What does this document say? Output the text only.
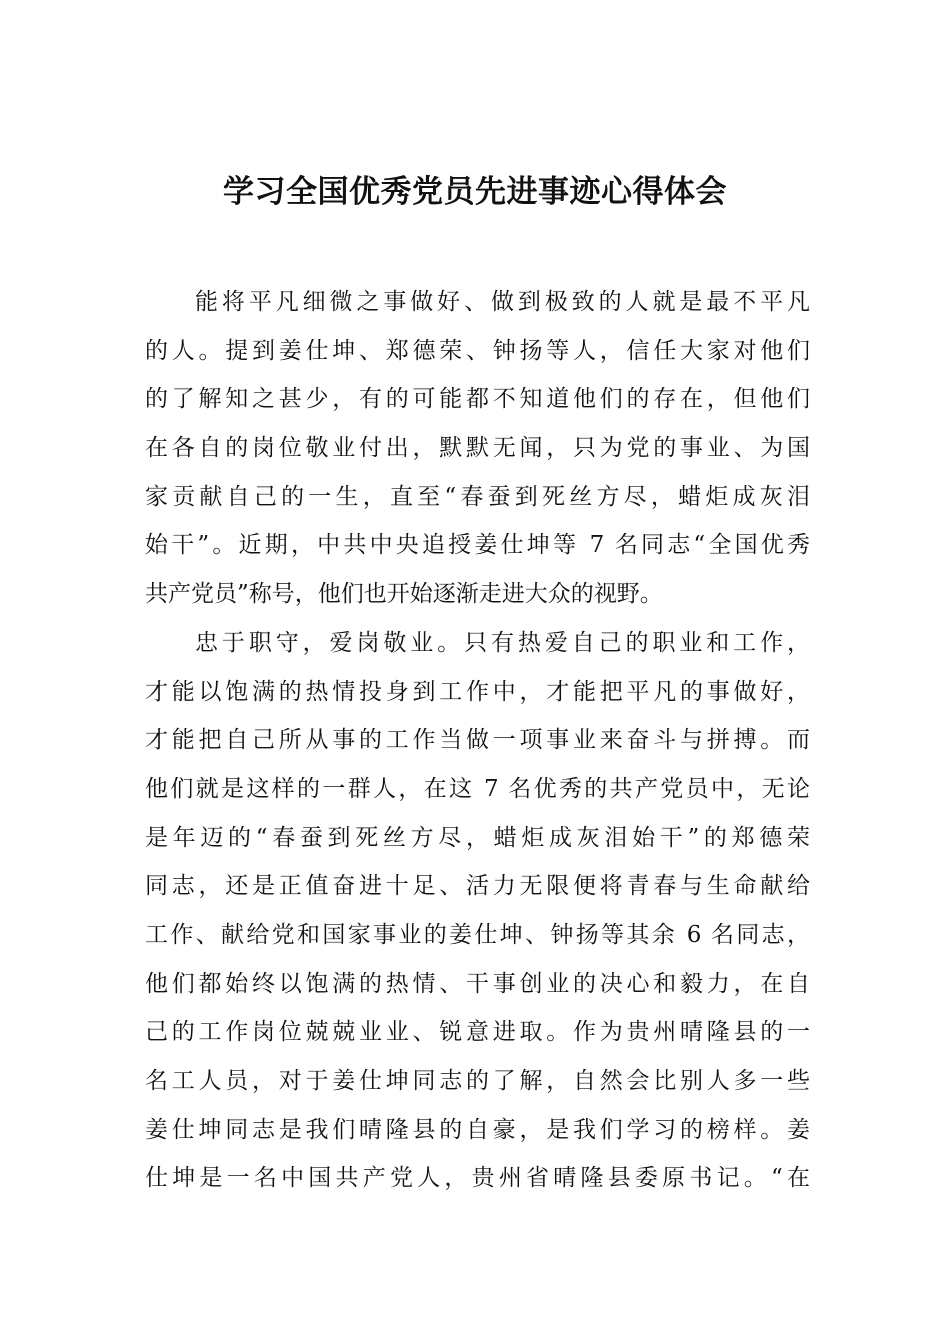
学习全国优秀党员先进事迹心得体会
能将平凡细微之事做好、做到极致的人就是最不平凡
的人。提到姜仕坤、郑德荣、钟扬等人，信任大家对他们
的了解知之甚少，有的可能都不知道他们的存在，但他们
在各自的岗位敬业付出，默默无闻，只为党的事业、为国
家贡献自己的一生，直至“春蚕到死丝方尽，蜡炬成灰泪
始干”。近期，中共中央追授姜仕坤等 7 名同志“全国优秀
共产党员”称号，他们也开始逐渐走进大众的视野。
忠于职守，爱岗敬业。只有热爱自己的职业和工作，
才能以饱满的热情投身到工作中，才能把平凡的事做好，
才能把自己所从事的工作当做一项事业来奋斗与拼搏。而
他们就是这样的一群人，在这 7 名优秀的共产党员中，无论
是年迈的“春蚕到死丝方尽，蜡炬成灰泪始干”的郑德荣
同志，还是正值奋进十足、活力无限便将青春与生命献给
工作、献给党和国家事业的姜仕坤、钟扬等其余 6 名同志，
他们都始终以饱满的热情、干事创业的决心和毅力，在自
己的工作岗位兢兢业业、锐意进取。作为贵州晴隆县的一
名工人员，对于姜仕坤同志的了解，自然会比别人多一些
姜仕坤同志是我们晴隆县的自豪，是我们学习的榜样。姜
仕坤是一名中国共产党人，贵州省晴隆县委原书记。“在
